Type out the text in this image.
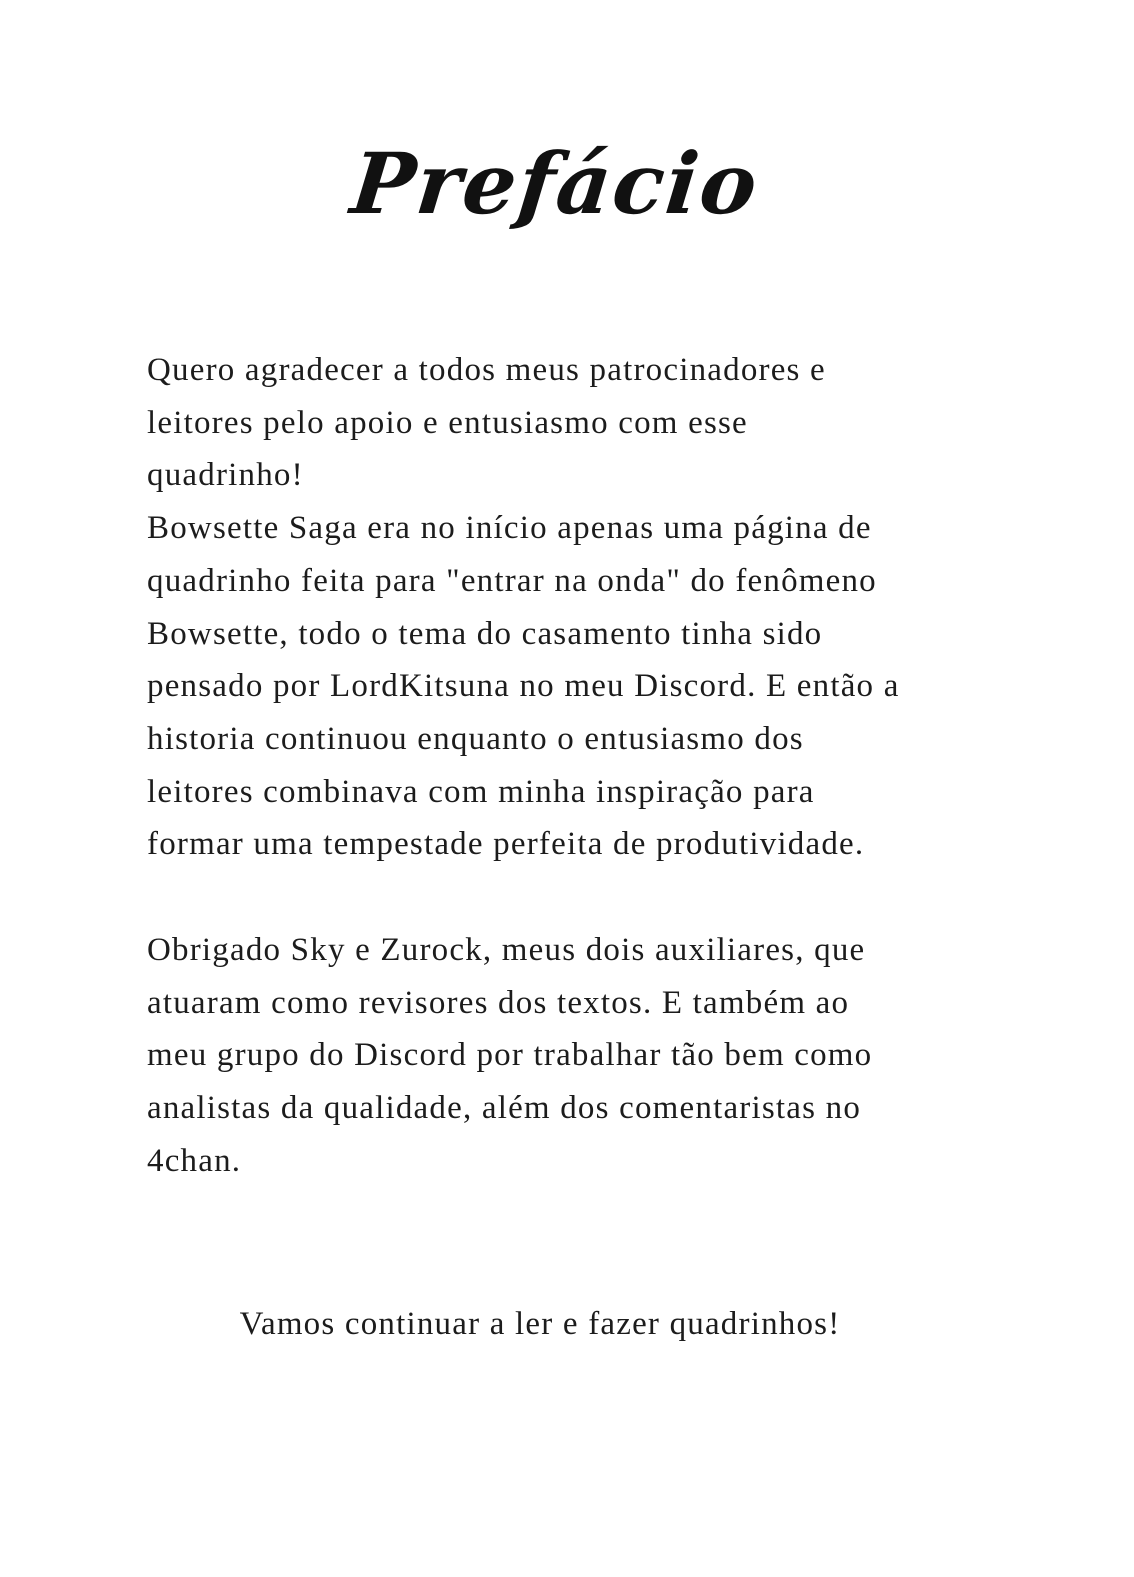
Prefácio

Quero agradecer a todos meus patrocinadores e
leitores pelo apoio e entusiasmo com esse
quadrinho!
Bowsette Saga era no início apenas uma página de
quadrinho feita para "entrar na onda" do fenômeno
Bowsette, todo o tema do casamento tinha sido
pensado por LordKitsuna no meu Discord. E então a
historia continuou enquanto o entusiasmo dos
leitores combinava com minha inspiração para
formar uma tempestade perfeita de produtividade.

Obrigado Sky e Zurock, meus dois auxiliares, que
atuaram como revisores dos textos. E também ao
meu grupo do Discord por trabalhar tão bem como
analistas da qualidade, além dos comentaristas no
4chan.

Vamos continuar a ler e fazer quadrinhos!
